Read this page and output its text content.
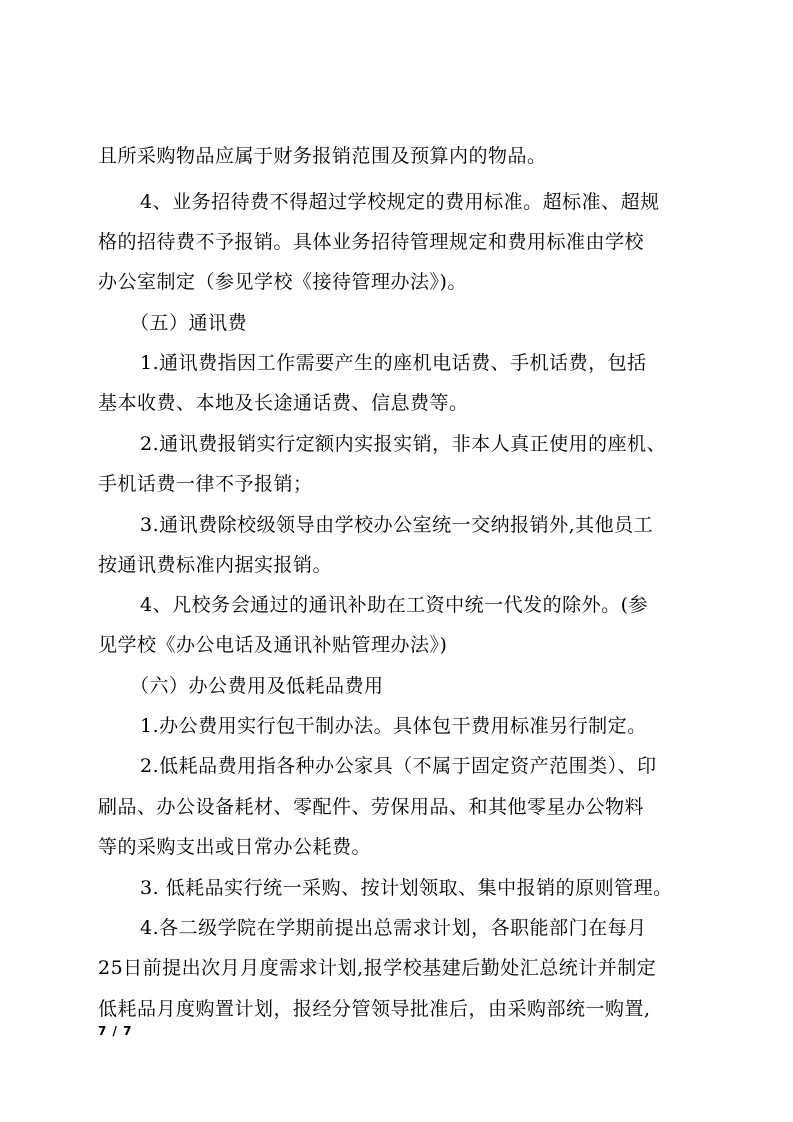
且所采购物品应属于财务报销范围及预算内的物品。
4、业务招待费不得超过学校规定的费用标准。超标准、超规
格的招待费不予报销。具体业务招待管理规定和费用标准由学校
办公室制定（参见学校《接待管理办法》)。
（五）通讯费
1.通讯费指因工作需要产生的座机电话费、手机话费，包括
基本收费、本地及长途通话费、信息费等。
2.通讯费报销实行定额内实报实销，非本人真正使用的座机、
手机话费一律不予报销；
3.通讯费除校级领导由学校办公室统一交纳报销外,其他员工
按通讯费标准内据实报销。
4、凡校务会通过的通讯补助在工资中统一代发的除外。(参
见学校《办公电话及通讯补贴管理办法》)
（六）办公费用及低耗品费用
1.办公费用实行包干制办法。具体包干费用标准另行制定。
2.低耗品费用指各种办公家具（不属于固定资产范围类）、印
刷品、办公设备耗材、零配件、劳保用品、和其他零星办公物料
等的采购支出或日常办公耗费。
3. 低耗品实行统一采购、按计划领取、集中报销的原则管理。
4.各二级学院在学期前提出总需求计划，各职能部门在每月
25日前提出次月月度需求计划,报学校基建后勤处汇总统计并制定
低耗品月度购置计划，报经分管领导批准后，由采购部统一购置,
7 / 7
